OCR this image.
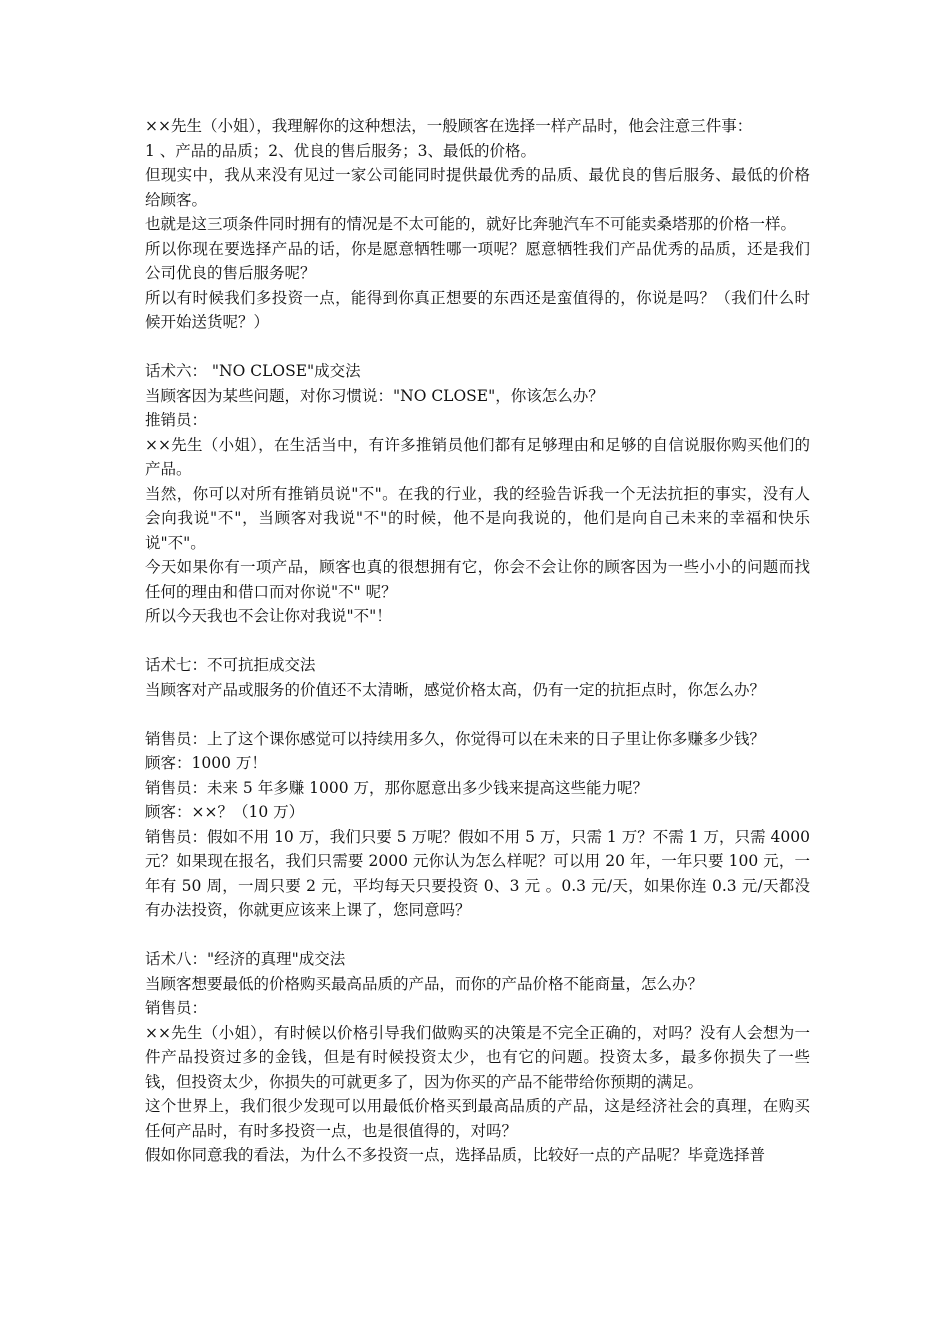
××先生（小姐），我理解你的这种想法，一般顾客在选择一样产品时，他会注意三件事：

1 、产品的品质；2、优良的售后服务；3、最低的价格。

但现实中，我从来没有见过一家公司能同时提供最优秀的品质、最优良的售后服务、最低的价格给顾客。

也就是这三项条件同时拥有的情况是不太可能的，就好比奔驰汽车不可能卖桑塔那的价格一样。

所以你现在要选择产品的话，你是愿意牺牲哪一项呢？愿意牺牲我们产品优秀的品质，还是我们公司优良的售后服务呢？

所以有时候我们多投资一点，能得到你真正想要的东西还是蛮值得的，你说是吗？（我们什么时候开始送货呢？）

话术六： "NO CLOSE"成交法

当顾客因为某些问题，对你习惯说："NO CLOSE"，你该怎么办？

推销员：

××先生（小姐），在生活当中，有许多推销员他们都有足够理由和足够的自信说服你购买他们的产品。

当然，你可以对所有推销员说"不"。在我的行业，我的经验告诉我一个无法抗拒的事实，没有人会向我说"不"，当顾客对我说"不"的时候，他不是向我说的，他们是向自己未来的幸福和快乐说"不"。

今天如果你有一项产品，顾客也真的很想拥有它，你会不会让你的顾客因为一些小小的问题而找任何的理由和借口而对你说"不" 呢？

所以今天我也不会让你对我说"不"！

话术七：不可抗拒成交法

当顾客对产品或服务的价值还不太清晰，感觉价格太高，仍有一定的抗拒点时，你怎么办？

销售员：上了这个课你感觉可以持续用多久，你觉得可以在未来的日子里让你多赚多少钱？

顾客：1000 万！

销售员：未来 5 年多赚 1000 万，那你愿意出多少钱来提高这些能力呢？

顾客：××？（10 万）

销售员：假如不用 10 万，我们只要 5 万呢？假如不用 5 万，只需 1 万？不需 1 万，只需 4000 元？如果现在报名，我们只需要 2000 元你认为怎么样呢？可以用 20 年，一年只要 100 元，一年有 50 周，一周只要 2 元，平均每天只要投资 0、3 元 。0.3 元/天，如果你连 0.3 元/天都没有办法投资，你就更应该来上课了，您同意吗？

话术八："经济的真理"成交法

当顾客想要最低的价格购买最高品质的产品，而你的产品价格不能商量，怎么办？

销售员：

××先生（小姐），有时候以价格引导我们做购买的决策是不完全正确的，对吗？没有人会想为一件产品投资过多的金钱，但是有时候投资太少，也有它的问题。投资太多，最多你损失了一些钱，但投资太少，你损失的可就更多了，因为你买的产品不能带给你预期的满足。

这个世界上，我们很少发现可以用最低价格买到最高品质的产品，这是经济社会的真理，在购买任何产品时，有时多投资一点，也是很值得的，对吗？

假如你同意我的看法，为什么不多投资一点，选择品质，比较好一点的产品呢？毕竟选择普
